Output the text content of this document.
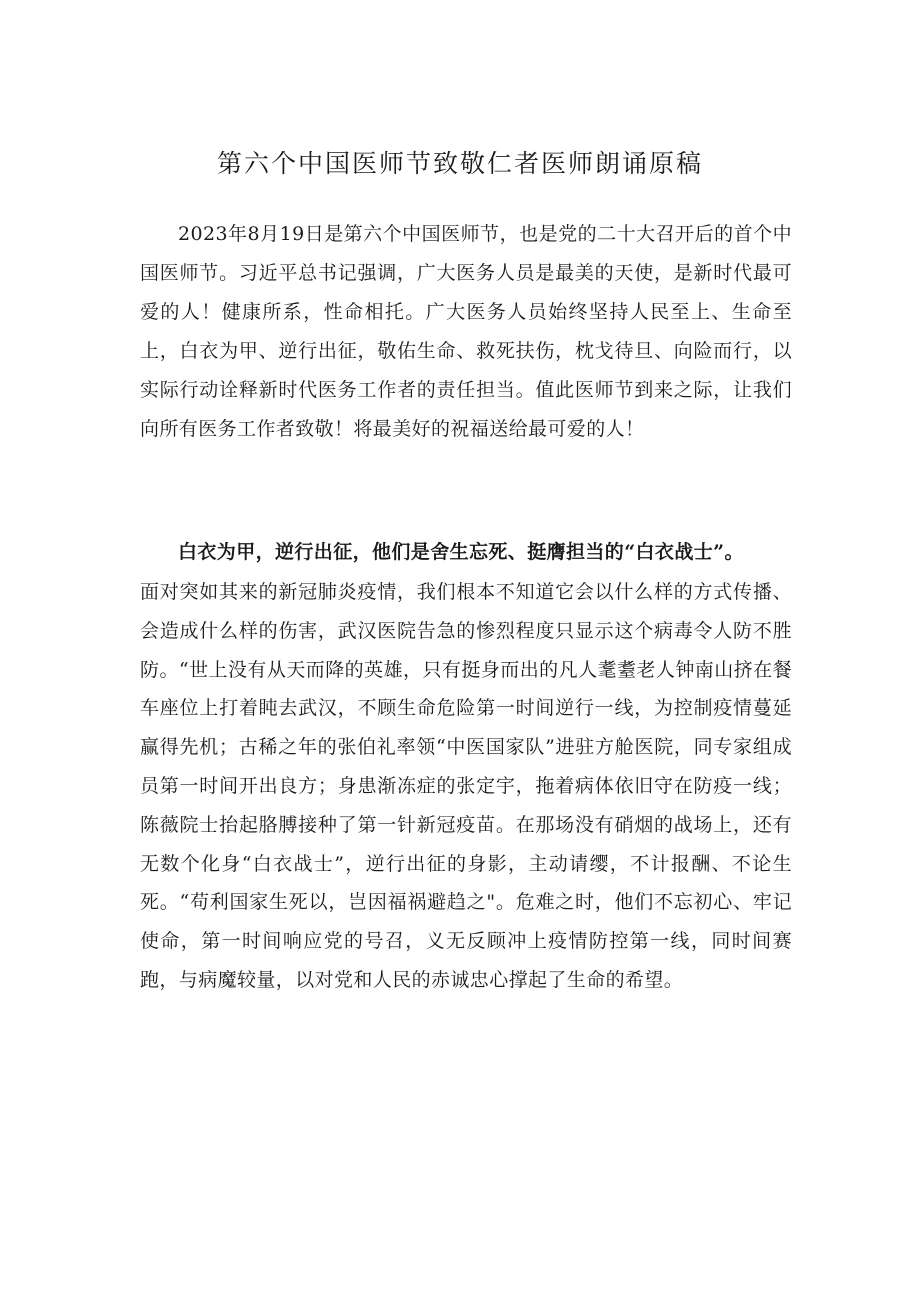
第六个中国医师节致敬仁者医师朗诵原稿
2023年8月19日是第六个中国医师节，也是党的二十大召开后的首个中国医师节。习近平总书记强调，广大医务人员是最美的天使，是新时代最可爱的人！健康所系，性命相托。广大医务人员始终坚持人民至上、生命至上，白衣为甲、逆行出征，敬佑生命、救死扶伤，枕戈待旦、向险而行，以实际行动诠释新时代医务工作者的责任担当。值此医师节到来之际，让我们向所有医务工作者致敬！将最美好的祝福送给最可爱的人！
白衣为甲，逆行出征，他们是舍生忘死、挺膺担当的“白衣战士”。
面对突如其来的新冠肺炎疫情，我们根本不知道它会以什么样的方式传播、会造成什么样的伤害，武汉医院告急的惨烈程度只显示这个病毒令人防不胜防。“世上没有从天而降的英雄，只有挺身而出的凡人耄耋老人钟南山挤在餐车座位上打着盹去武汉，不顾生命危险第一时间逆行一线，为控制疫情蔓延赢得先机；古稀之年的张伯礼率领“中医国家队”进驻方舱医院，同专家组成员第一时间开出良方；身患渐冻症的张定宇，拖着病体依旧守在防疫一线；陈薇院士抬起胳膊接种了第一针新冠疫苗。在那场没有硝烟的战场上，还有无数个化身“白衣战士”，逆行出征的身影，主动请缨，不计报酬、不论生死。“苟利国家生死以，岂因福祸避趋之"。危难之时，他们不忘初心、牢记使命，第一时间响应党的号召，义无反顾冲上疫情防控第一线，同时间赛跑，与病魔较量，以对党和人民的赤诚忠心撑起了生命的希望。
